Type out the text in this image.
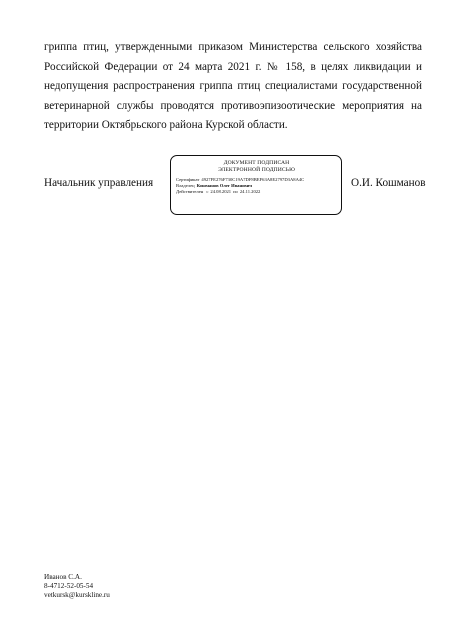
гриппа птиц, утвержденными приказом Министерства сельского хозяйства
Российской Федерации от 24 марта 2021 г. № 158, в целях ликвидации и
недопущения распространения гриппа птиц специалистами государственной
ветеринарной службы проводятся противоэпизоотические мероприятия на
территории Октябрьского района Курской области.

Начальник управления
ДОКУМЕНТ ПОДПИСАН
ЭЛЕКТРОННОЙ ПОДПИСЬЮ
Сертификат 4927FE276F730C19A7DF8BEF63A8E2797D3A8A4C
Владелец Кошманов Олег Иванович
Действителен с 24.08.2021 по 24.11.2022
О.И. Кошманов
Иванов С.А.
8-4712-52-05-54
vetkursk@kurskline.ru
